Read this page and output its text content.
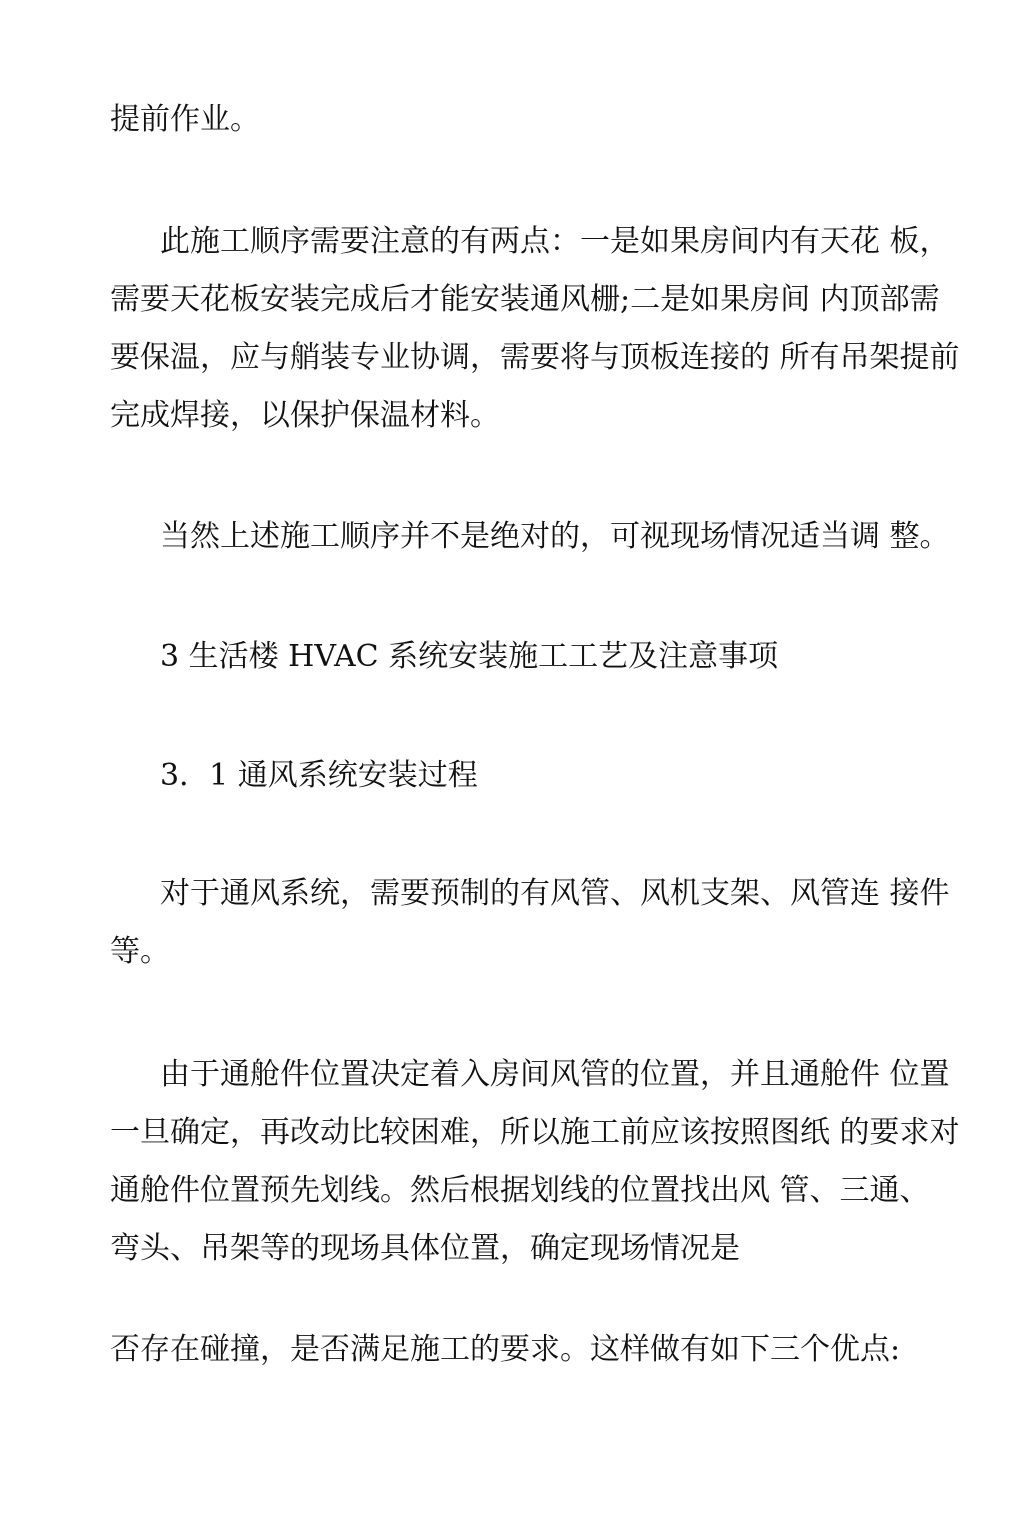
提前作业。
此施工顺序需要注意的有两点：一是如果房间内有天花 板，
需要天花板安装完成后才能安装通风栅;二是如果房间 内顶部需
要保温，应与艄装专业协调，需要将与顶板连接的 所有吊架提前
完成焊接，以保护保温材料。
当然上述施工顺序并不是绝对的，可视现场情况适当调 整。
3 生活楼 HVAC 系统安装施工工艺及注意事项
3．1 通风系统安装过程
对于通风系统，需要预制的有风管、风机支架、风管连 接件
等。
由于通舱件位置决定着入房间风管的位置，并且通舱件 位置
一旦确定，再改动比较困难，所以施工前应该按照图纸 的要求对
通舱件位置预先划线。然后根据划线的位置找出风 管、三通、
弯头、吊架等的现场具体位置，确定现场情况是
否存在碰撞，是否满足施工的要求。这样做有如下三个优点:
